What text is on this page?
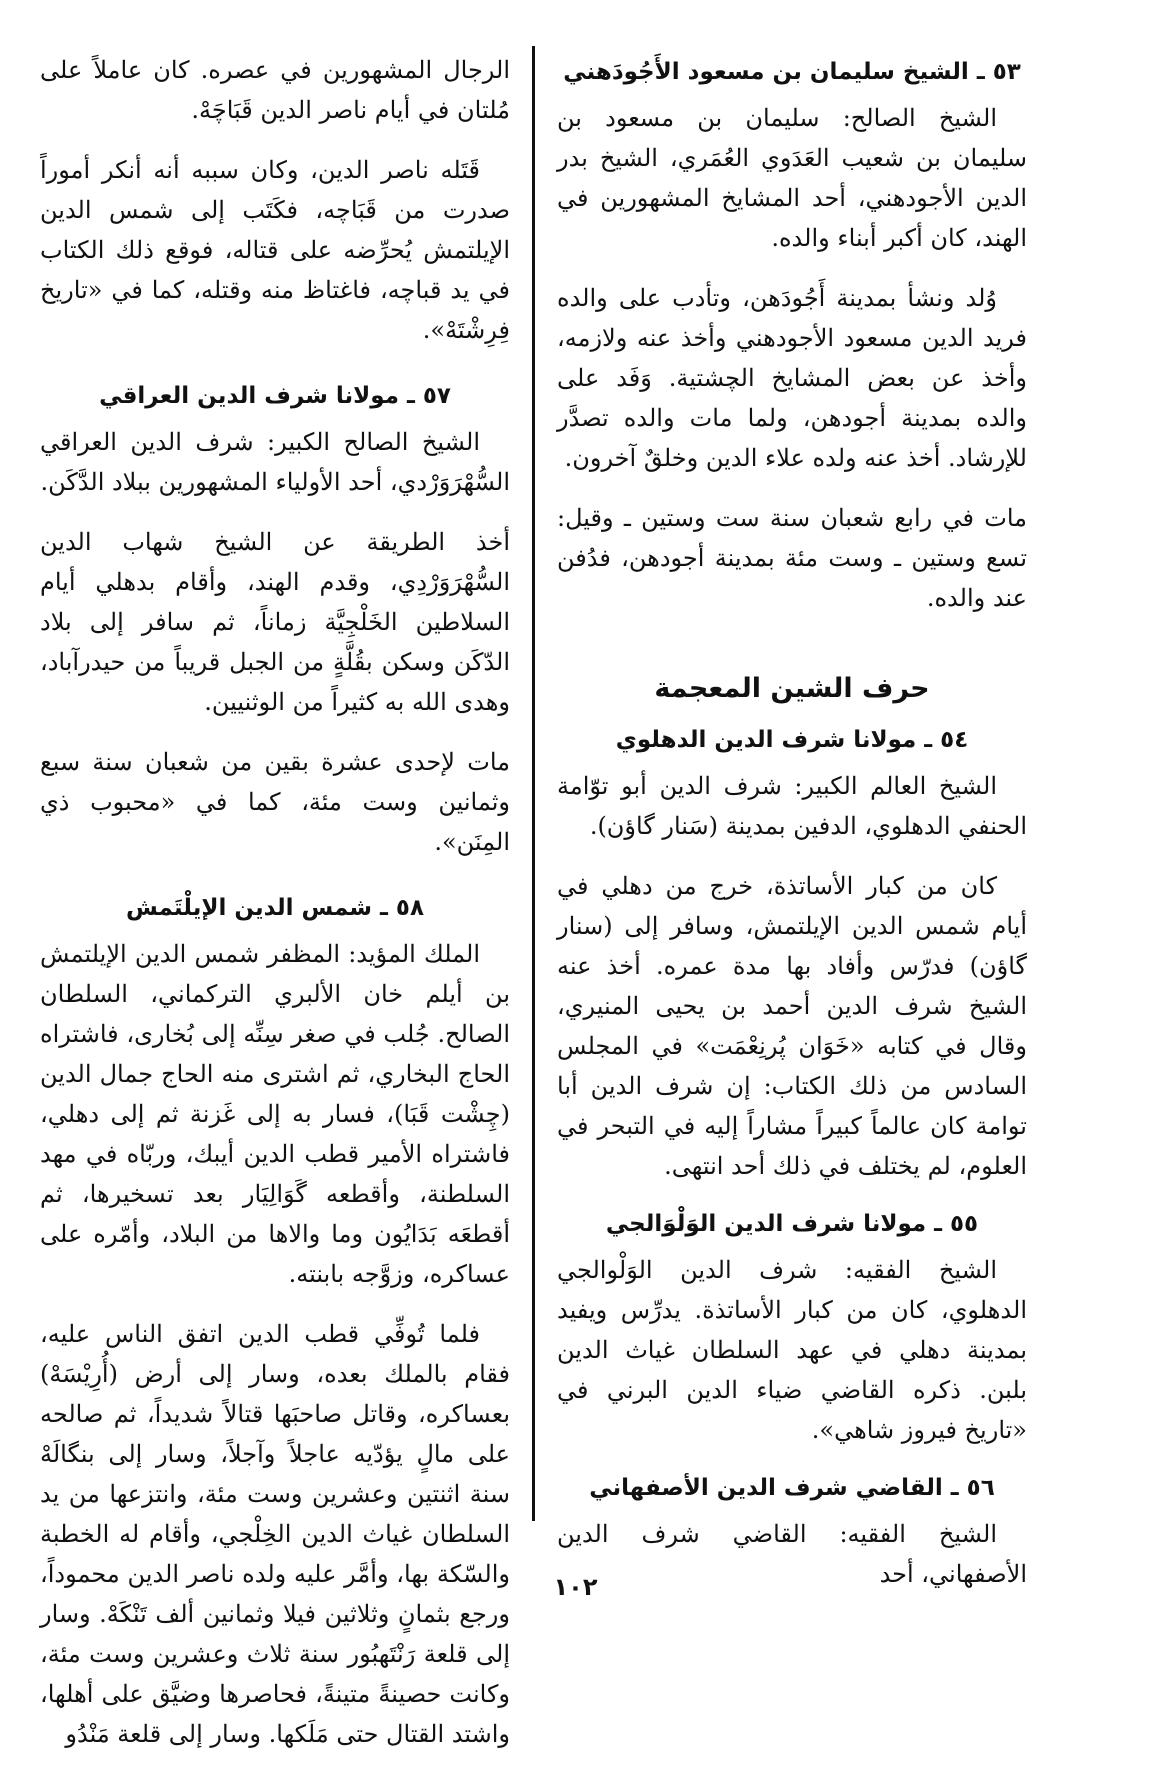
٥٣ ـ الشيخ سليمان بن مسعود الأَجُودَهني

الشيخ الصالح: سليمان بن مسعود بن سليمان بن شعيب العَدَوي العُمَري، الشيخ بدر الدين الأجودهني، أحد المشايخ المشهورين في الهند، كان أكبر أبناء والده.

وُلد ونشأ بمدينة أَجُودَهن، وتأدب على والده فريد الدين مسعود الأجودهني وأخذ عنه ولازمه، وأخذ عن بعض المشايخ الچشتية. وَفَد على والده بمدينة أجودهن، ولما مات والده تصدَّر للإرشاد. أخذ عنه ولده علاء الدين وخلقٌ آخرون.

مات في رابع شعبان سنة ست وستين ـ وقيل: تسع وستين ـ وست مئة بمدينة أجودهن، فدُفن عند والده.

حرف الشين المعجمة
٥٤ ـ مولانا شرف الدين الدهلوي

الشيخ العالم الكبير: شرف الدين أبو توّامة الحنفي الدهلوي، الدفين بمدينة (سَنار گاؤن).

كان من كبار الأساتذة، خرج من دهلي في أيام شمس الدين الإيلتمش، وسافر إلى (سنار گاؤن) فدرّس وأفاد بها مدة عمره. أخذ عنه الشيخ شرف الدين أحمد بن يحيى المنيري، وقال في كتابه «خَوَان پُرنِعْمَت» في المجلس السادس من ذلك الكتاب: إن شرف الدين أبا توامة كان عالماً كبيراً مشاراً إليه في التبحر في العلوم، لم يختلف في ذلك أحد انتهى.

٥٥ ـ مولانا شرف الدين الوَلْوَالجي

الشيخ الفقيه: شرف الدين الوَلْوالجي الدهلوي، كان من كبار الأساتذة. يدرِّس ويفيد بمدينة دهلي في عهد السلطان غياث الدين بلبن. ذكره القاضي ضياء الدين البرني في «تاريخ فيروز شاهي».

٥٦ ـ القاضي شرف الدين الأصفهاني

الشيخ الفقيه: القاضي شرف الدين الأصفهاني، أحد

الرجال المشهورين في عصره. كان عاملاً على مُلتان في أيام ناصر الدين قَبَاچَهْ.

قَتَله ناصر الدين، وكان سببه أنه أنكر أموراً صدرت من قَبَاچه، فكَتَب إلى شمس الدين الإيلتمش يُحرِّضه على قتاله، فوقع ذلك الكتاب في يد قباچه، فاغتاظ منه وقتله، كما في «تاريخ فِرِشْتَهْ».

٥٧ ـ مولانا شرف الدين العراقي

الشيخ الصالح الكبير: شرف الدين العراقي السُّهْرَوَرْدي، أحد الأولياء المشهورين ببلاد الدَّكَن.

أخذ الطريقة عن الشيخ شهاب الدين السُّهْرَوَرْدِي، وقدم الهند، وأقام بدهلي أيام السلاطين الخَلْجِيَّة زماناً، ثم سافر إلى بلاد الدّكَن وسكن بقُلَّةٍ من الجبل قريباً من حيدرآباد، وهدى الله به كثيراً من الوثنيين.

مات لإحدى عشرة بقين من شعبان سنة سبع وثمانين وست مئة، كما في «محبوب ذي المِنَن».

٥٨ ـ شمس الدين الإيلْتَمش

الملك المؤيد: المظفر شمس الدين الإيلتمش بن أيلم خان الألبري التركماني، السلطان الصالح. جُلب في صغر سِنِّه إلى بُخارى، فاشتراه الحاج البخاري، ثم اشترى منه الحاج جمال الدين (چِشْت قَبَا)، فسار به إلى غَزنة ثم إلى دهلي، فاشتراه الأمير قطب الدين أيبك، وربّاه في مهد السلطنة، وأقطعه گَوَالِيَار بعد تسخيرها، ثم أقطعَه بَدَايُون وما والاها من البلاد، وأمّره على عساكره، وزوَّجه بابنته.

فلما تُوفِّي قطب الدين اتفق الناس عليه، فقام بالملك بعده، وسار إلى أرض (أُرِيْسَهْ) بعساكره، وقاتل صاحبَها قتالاً شديداً، ثم صالحه على مالٍ يؤدّيه عاجلاً وآجلاً، وسار إلى بنگالَهْ سنة اثنتين وعشرين وست مئة، وانتزعها من يد السلطان غياث الدين الخِلْجي، وأقام له الخطبة والسّكة بها، وأمَّر عليه ولده ناصر الدين محموداً، ورجع بثمانٍ وثلاثين فيلا وثمانين ألف تَنْكَهْ. وسار إلى قلعة رَنْتَهبُور سنة ثلاث وعشرين وست مئة، وكانت حصينةً متينةً، فحاصرها وضيَّق على أهلها، واشتد القتال حتى مَلَكها. وسار إلى قلعة مَنْدُو

١٠٢
